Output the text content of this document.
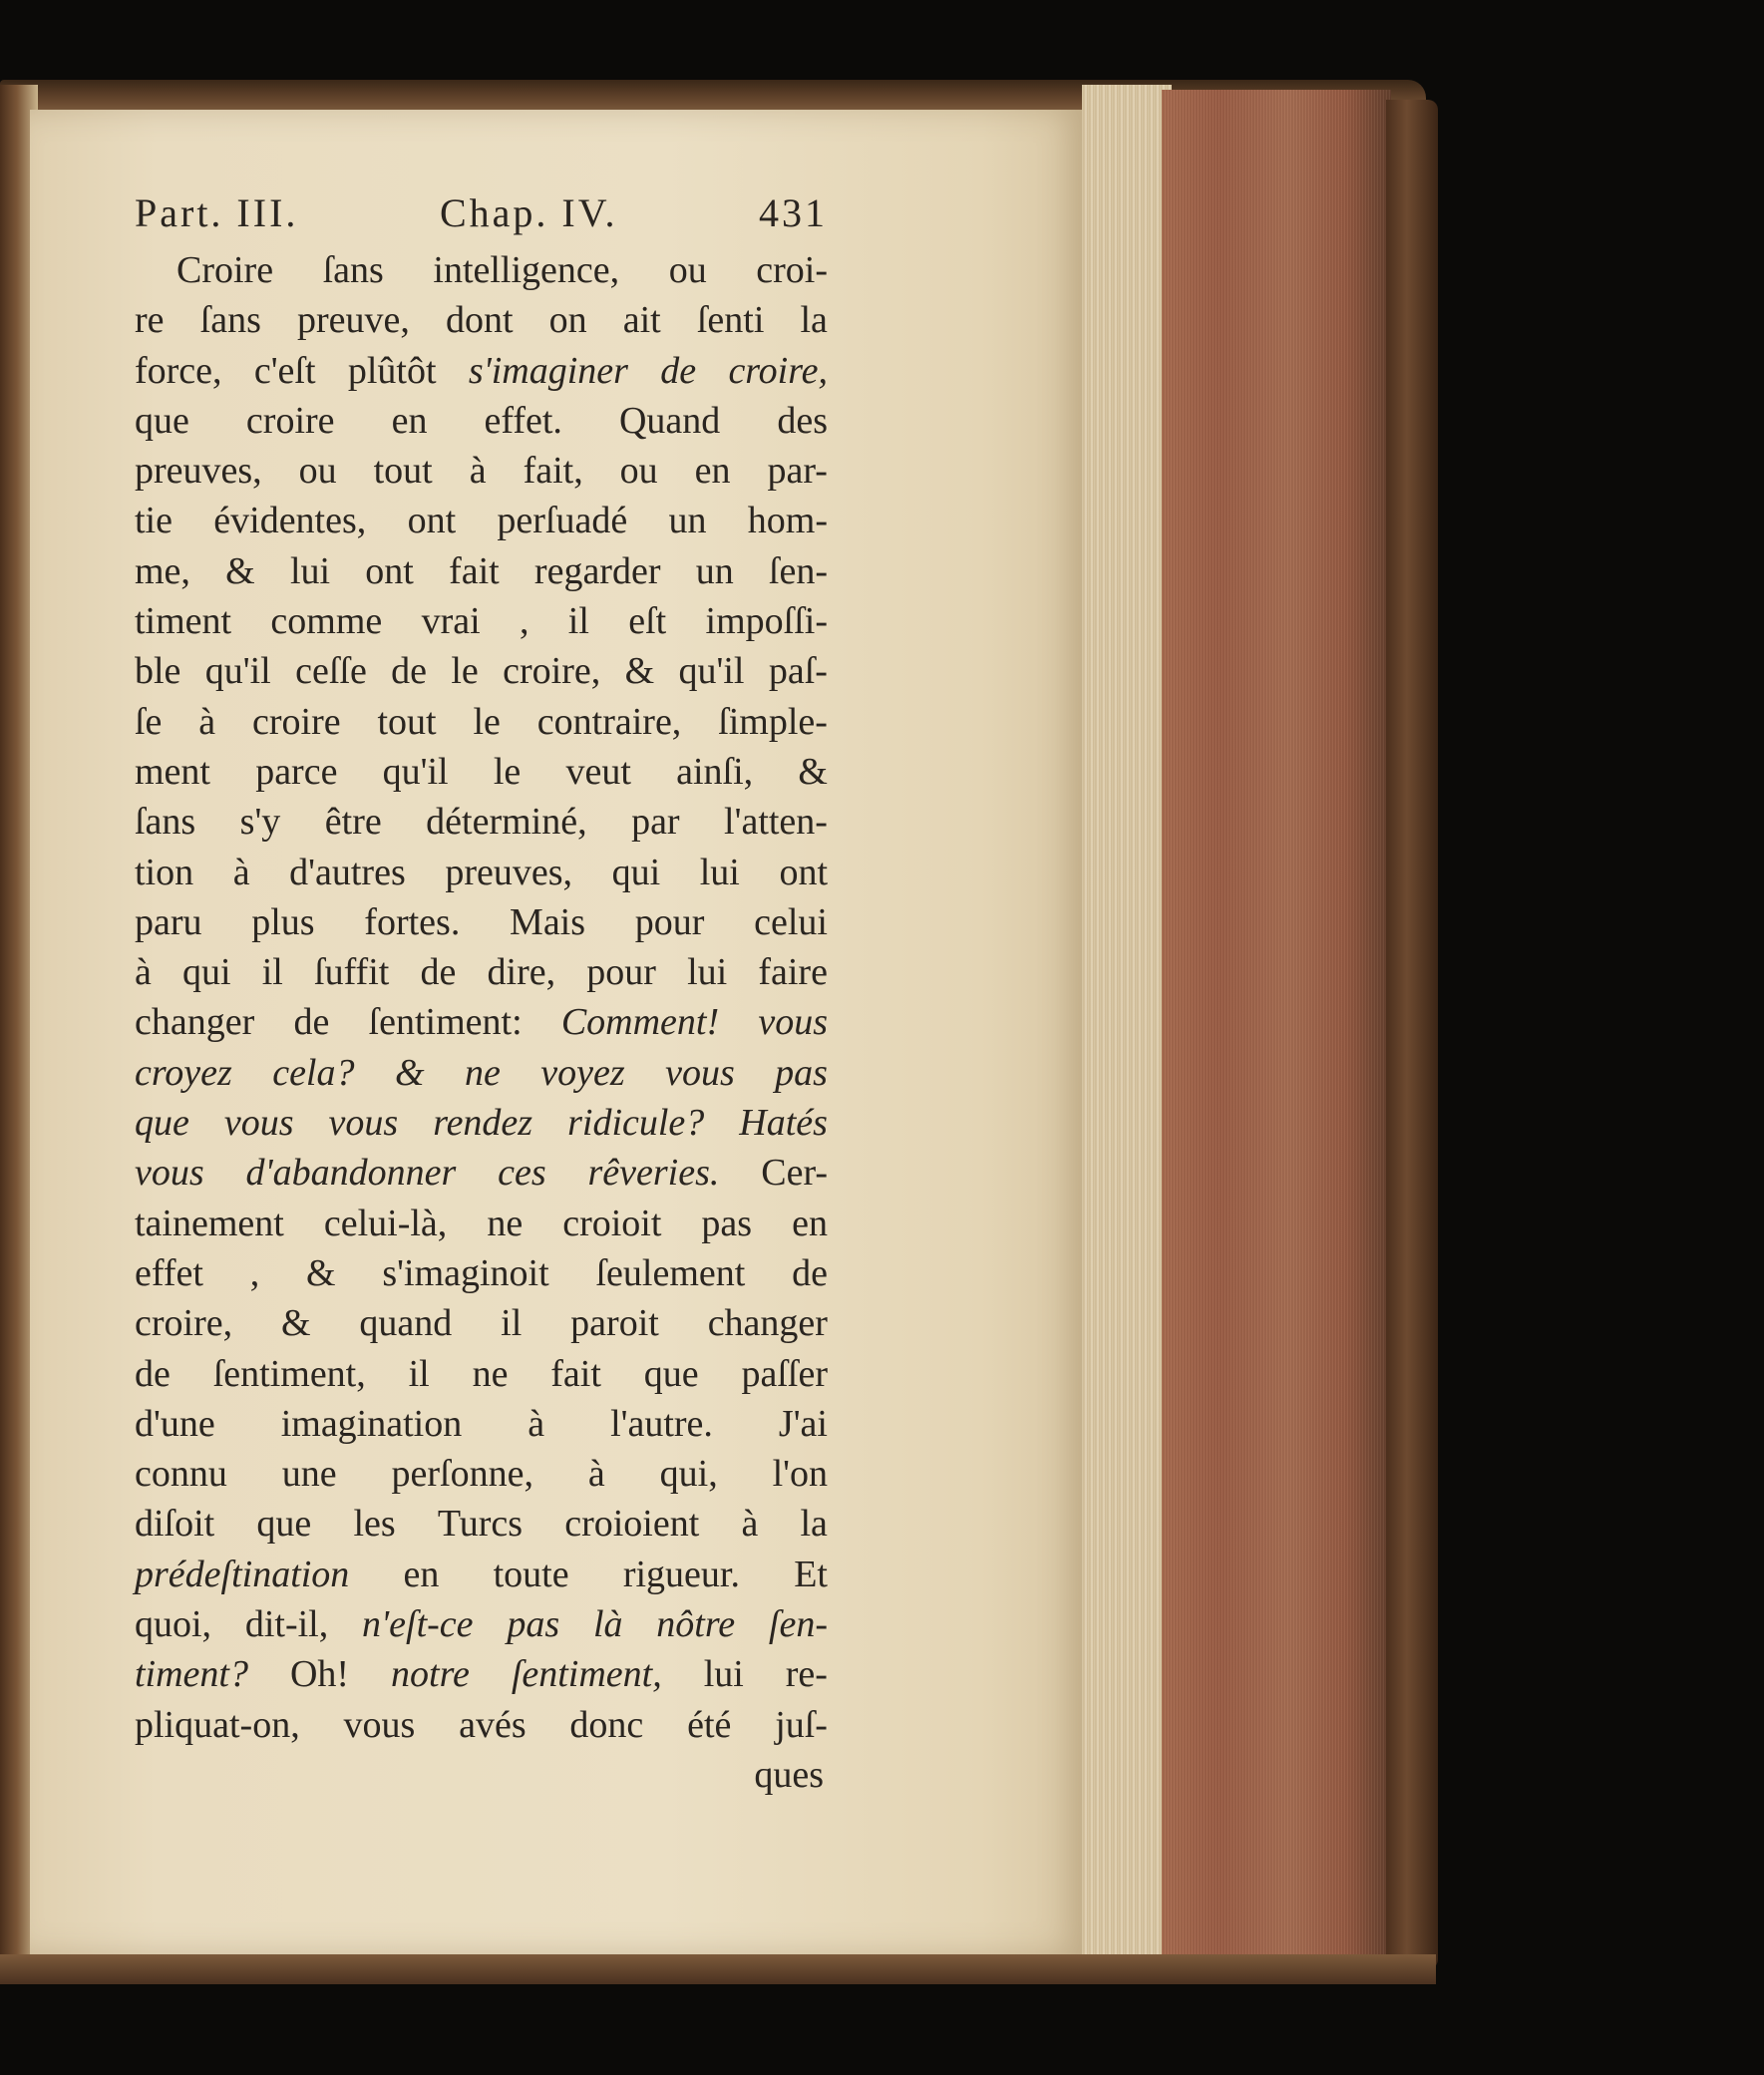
Part. III.	Chap. IV.	431
Croire ſans intelligence, ou croi-
re ſans preuve, dont on ait ſenti la
force, c'eſt plûtôt s'imaginer de croire,
que croire en effet. Quand des
preuves, ou tout à fait, ou en par-
tie évidentes, ont perſuadé un hom-
me, & lui ont fait regarder un ſen-
timent comme vrai , il eſt impoſſi-
ble qu'il ceſſe de le croire, & qu'il paſ-
ſe à croire tout le contraire, ſimple-
ment parce qu'il le veut ainſi, &
ſans s'y être déterminé, par l'atten-
tion à d'autres preuves, qui lui ont
paru plus fortes. Mais pour celui
à qui il ſuffit de dire, pour lui faire
changer de ſentiment: Comment! vous
croyez cela? & ne voyez vous pas
que vous vous rendez ridicule? Hatés
vous d'abandonner ces rêveries. Cer-
tainement celui-là, ne croioit pas en
effet , & s'imaginoit ſeulement de
croire, & quand il paroit changer
de ſentiment, il ne fait que paſſer
d'une imagination à l'autre. J'ai
connu une perſonne, à qui, l'on
diſoit que les Turcs croioient à la
prédeſtination en toute rigueur. Et
quoi, dit-il, n'eſt-ce pas là nôtre ſen-
timent? Oh! notre ſentiment, lui re-
pliquat-on, vous avés donc été juſ-
ques
